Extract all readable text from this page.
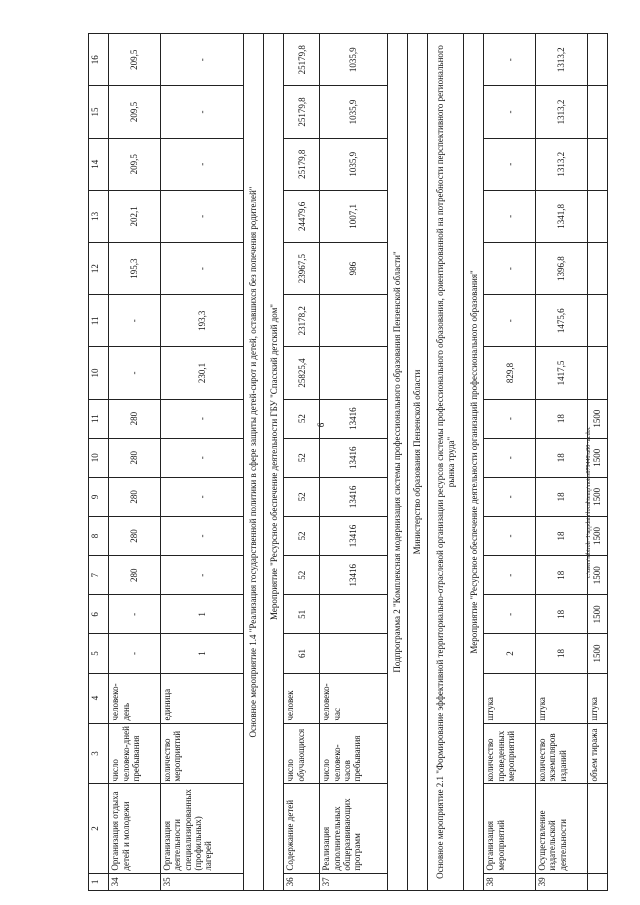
9
c:\users\sibiroh~1\appdata\local\temp\notes879448\u80~m.doc
1	2	3	4	5	6	7	8	9	10	11	10	11	12	13	14	15	16
34	Организация отдыха детей и молодежи	число человеко-дней пребывания	человеко-день	-	-	280	280	280	280	280	-	-	195,3	202,1	209,5	209,5	209,5
35	Организация деятельности специализированных (профильных) лагерей	количество мероприятий	единица	1	1	-	-	-	-	-	230,1	193,3	-	-	-	-	-
Основное мероприятие 1.4 "Реализация государственной политики в сфере защиты детей-сирот и детей, оставшихся без попечения родителей"																	
Мероприятие "Ресурсное обеспечение деятельности ГБУ "Спасский детский дом"																	
36	Содержание детей	число обучающихся	человек	61	51	52	52	52	52	52	25825,4	23178,2	23967,5	24479,6	25179,8	25179,8	25179,8
37	Реализация дополнительных общеразвивающих программ	число человеко-часов пребывания	человеко-час			13416	13416	13416	13416	13416			986	1007,1	1035,9	1035,9	1035,9
Подпрограмма 2 "Комплексная модернизация системы профессионального образования Пензенской области"																	
Министерство образования Пензенской области																	
Основное мероприятие 2.1 "Формирование эффективной территориально-отраслевой организации ресурсов системы профессионального образования, ориентированной на потребности перспективного регионального рынка труда"																	
Мероприятие "Ресурсное обеспечение деятельности организаций профессионального образования"																	
38	Организация мероприятий	количество проведенных мероприятий	штука	2	-	-	-	-	-	-	829,8	-	-	-	-	-	-
39	Осуществление издательской деятельности	количество экземпляров изданий	штука	18	18	18	18	18	18	18	1417,5	1475,6	1396,8	1341,8	1313,2	1313,2	1313,2
		объем тиража	штука	1500	1500	1500	1500	1500	1500	1500							
